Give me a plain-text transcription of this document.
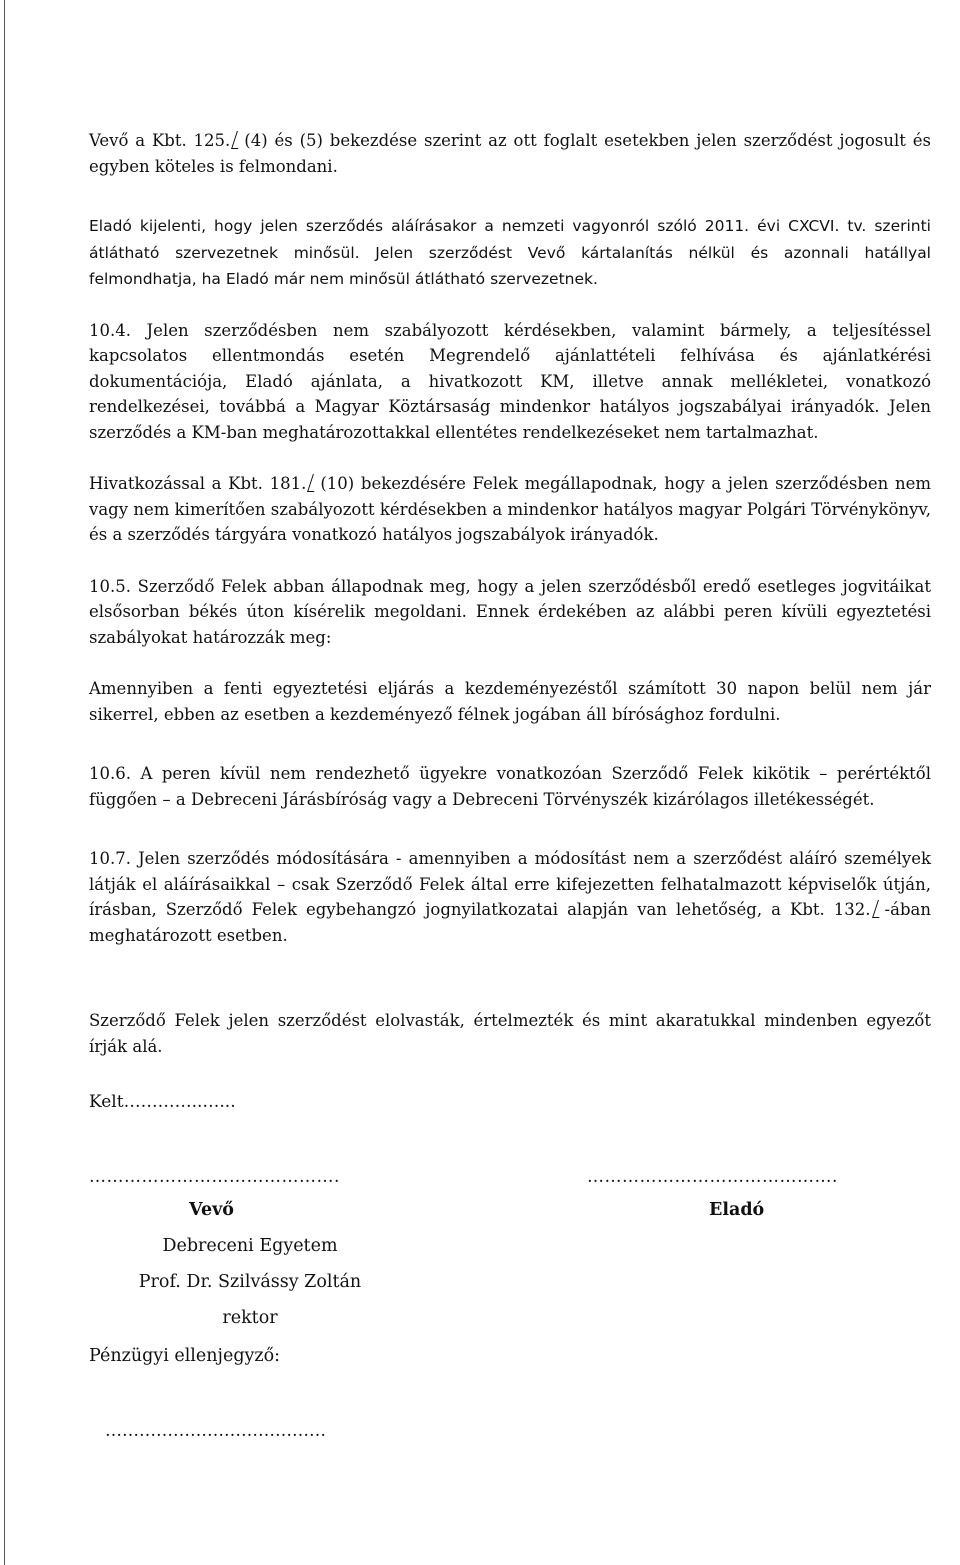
Vevő a Kbt. 125. (4) és (5) bekezdése szerint az ott foglalt esetekben jelen szerződést jogosult és egyben köteles is felmondani.

Eladó kijelenti, hogy jelen szerződés aláírásakor a nemzeti vagyonról szóló 2011. évi CXCVI. tv. szerinti átlátható szervezetnek minősül. Jelen szerződést Vevő kártalanítás nélkül és azonnali hatállyal felmondhatja, ha Eladó már nem minősül átlátható szervezetnek.

10.4. Jelen szerződésben nem szabályozott kérdésekben, valamint bármely, a teljesítéssel kapcsolatos ellentmondás esetén Megrendelő ajánlattételi felhívása és ajánlatkérési dokumentációja, Eladó ajánlata, a hivatkozott KM, illetve annak mellékletei, vonatkozó rendelkezései, továbbá a Magyar Köztársaság mindenkor hatályos jogszabályai irányadók. Jelen szerződés a KM-ban meghatározottakkal ellentétes rendelkezéseket nem tartalmazhat.

Hivatkozással a Kbt. 181. (10) bekezdésére Felek megállapodnak, hogy a jelen szerződésben nem vagy nem kimerítően szabályozott kérdésekben a mindenkor hatályos magyar Polgári Törvénykönyv, és a szerződés tárgyára vonatkozó hatályos jogszabályok irányadók.

10.5. Szerződő Felek abban állapodnak meg, hogy a jelen szerződésből eredő esetleges jogvitáikat elsősorban békés úton kísérelik megoldani. Ennek érdekében az alábbi peren kívüli egyeztetési szabályokat határozzák meg:

Amennyiben a fenti egyeztetési eljárás a kezdeményezéstől számított 30 napon belül nem jár sikerrel, ebben az esetben a kezdeményező félnek jogában áll bírósághoz fordulni.

10.6. A peren kívül nem rendezhető ügyekre vonatkozóan Szerződő Felek kikötik – perértéktől függően – a Debreceni Járásbíróság vagy a Debreceni Törvényszék kizárólagos illetékességét.

10.7. Jelen szerződés módosítására - amennyiben a módosítást nem a szerződést aláíró személyek látják el aláírásaikkal – csak Szerződő Felek által erre kifejezetten felhatalmazott képviselők útján, írásban, Szerződő Felek egybehangzó jognyilatkozatai alapján van lehetőség, a Kbt. 132. -ában meghatározott esetben.

Szerződő Felek jelen szerződést elolvasták, értelmezték és mint akaratukkal mindenben egyezőt írják alá.

Kelt…………..…...
…………………………………….	…………………………………….
Vevő	Eladó
Debreceni Egyetem
Prof. Dr. Szilvássy Zoltán
rektor
Pénzügyi ellenjegyző:
…………………………………
